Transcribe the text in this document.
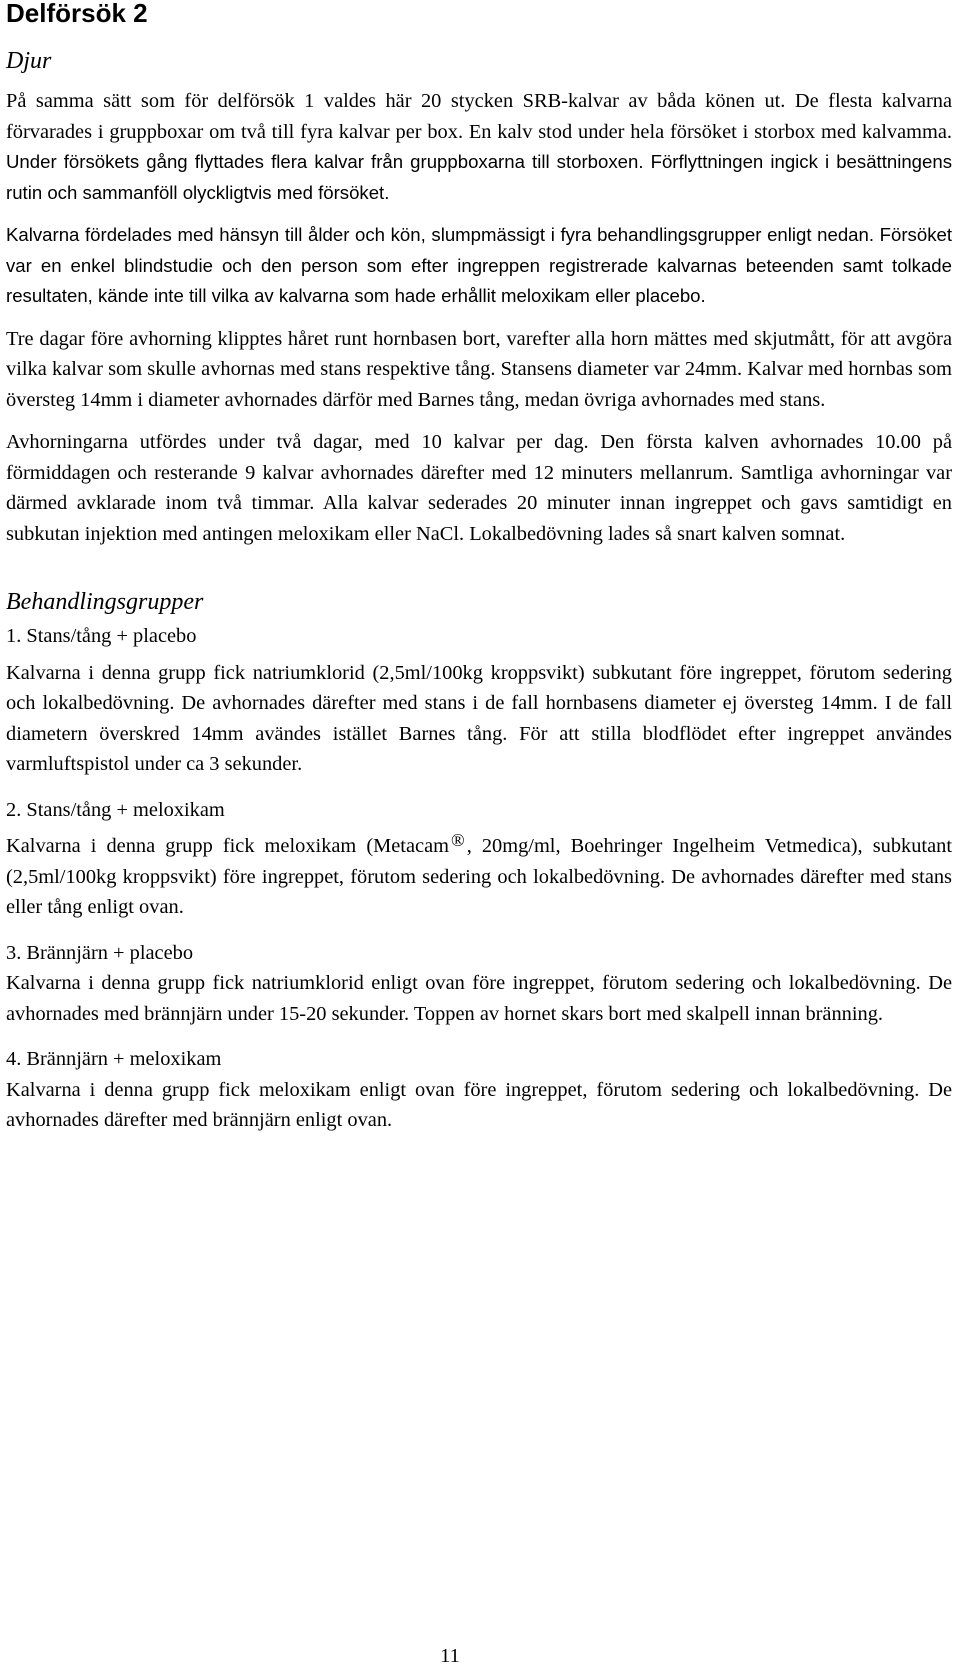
Delförsök 2
Djur

På samma sätt som för delförsök 1 valdes här 20 stycken SRB-kalvar av båda könen ut. De flesta kalvarna förvarades i gruppboxar om två till fyra kalvar per box. En kalv stod under hela försöket i storbox med kalvamma. Under försökets gång flyttades flera kalvar från gruppboxarna till storboxen. Förflyttningen ingick i besättningens rutin och sammanföll olyckligtvis med försöket.

Kalvarna fördelades med hänsyn till ålder och kön, slumpmässigt i fyra behandlingsgrupper enligt nedan. Försöket var en enkel blindstudie och den person som efter ingreppen registrerade kalvarnas beteenden samt tolkade resultaten, kände inte till vilka av kalvarna som hade erhållit meloxikam eller placebo.

Tre dagar före avhorning klipptes håret runt hornbasen bort, varefter alla horn mättes med skjutmått, för att avgöra vilka kalvar som skulle avhornas med stans respektive tång. Stansens diameter var 24mm. Kalvar med hornbas som översteg 14mm i diameter avhornades därför med Barnes tång, medan övriga avhornades med stans.

Avhorningarna utfördes under två dagar, med 10 kalvar per dag. Den första kalven avhornades 10.00 på förmiddagen och resterande 9 kalvar avhornades därefter med 12 minuters mellanrum. Samtliga avhorningar var därmed avklarade inom två timmar. Alla kalvar sederades 20 minuter innan ingreppet och gavs samtidigt en subkutan injektion med antingen meloxikam eller NaCl. Lokalbedövning lades så snart kalven somnat.

Behandlingsgrupper
1. Stans/tång + placebo

Kalvarna i denna grupp fick natriumklorid (2,5ml/100kg kroppsvikt) subkutant före ingreppet, förutom sedering och lokalbedövning. De avhornades därefter med stans i de fall hornbasens diameter ej översteg 14mm. I de fall diametern överskred 14mm avändes istället Barnes tång. För att stilla blodflödet efter ingreppet användes varmluftspistol under ca 3 sekunder.

2. Stans/tång + meloxikam

Kalvarna i denna grupp fick meloxikam (Metacam ®, 20mg/ml, Boehringer Ingelheim Vetmedica), subkutant (2,5ml/100kg kroppsvikt) före ingreppet, förutom sedering och lokalbedövning. De avhornades därefter med stans eller tång enligt ovan.

3. Brännjärn + placebo

Kalvarna i denna grupp fick natriumklorid enligt ovan före ingreppet, förutom sedering och lokalbedövning. De avhornades med brännjärn under 15-20 sekunder. Toppen av hornet skars bort med skalpell innan bränning.

4. Brännjärn + meloxikam

Kalvarna i denna grupp fick meloxikam enligt ovan före ingreppet, förutom sedering och lokalbedövning. De avhornades därefter med brännjärn enligt ovan.

11
